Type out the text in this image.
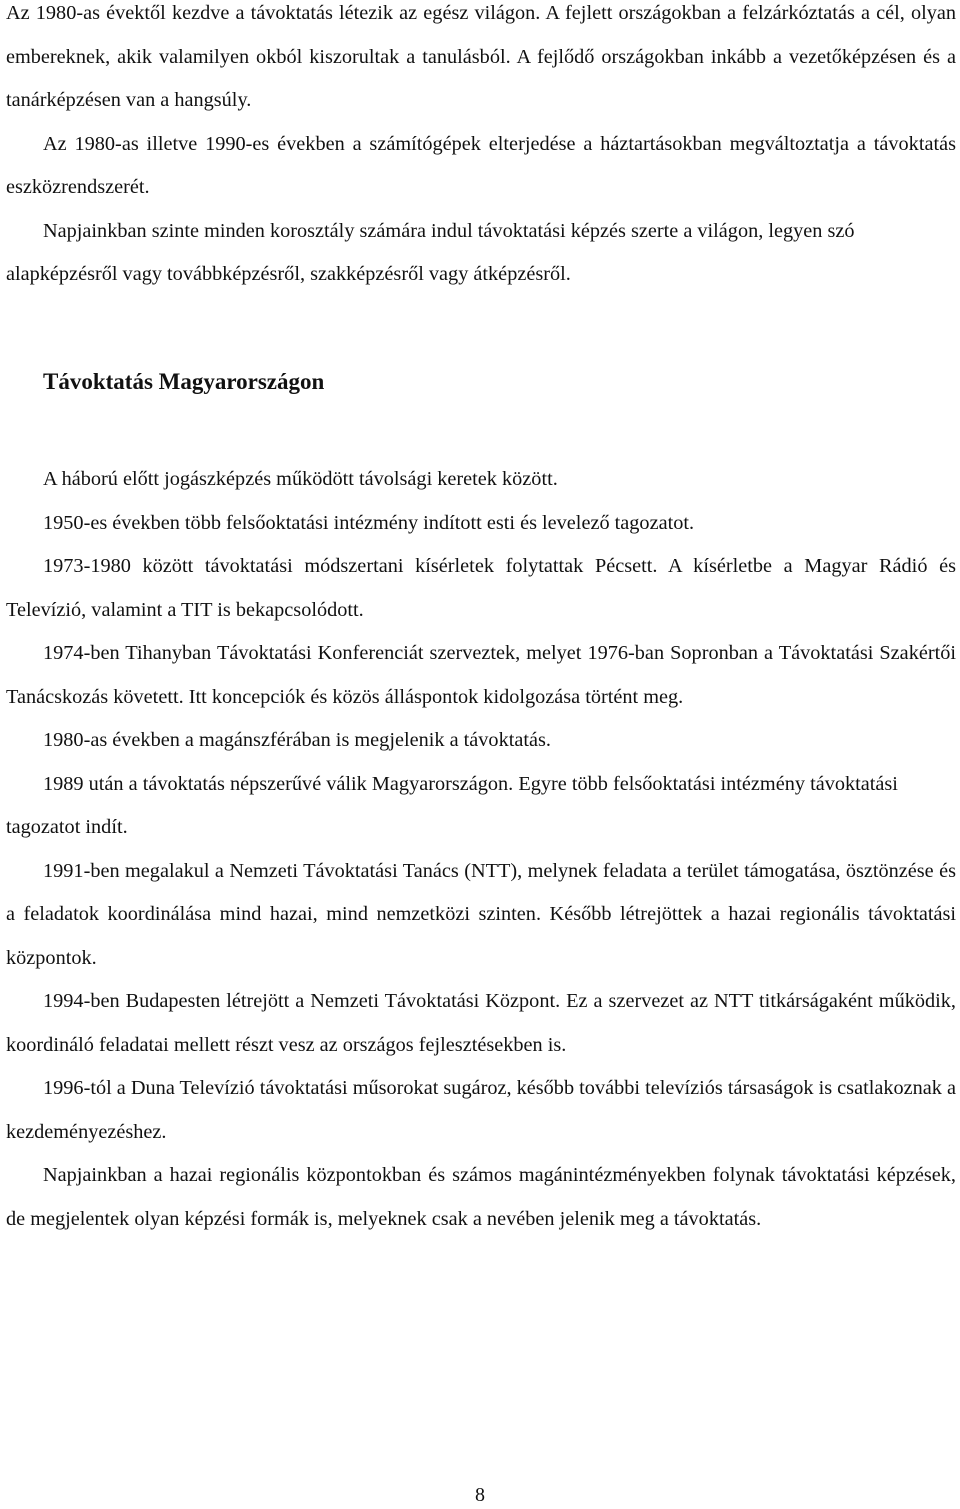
Az 1980-as évektől kezdve a távoktatás létezik az egész világon. A fejlett országokban a felzárkóztatás a cél, olyan embereknek, akik valamilyen okból kiszorultak a tanulásból. A fejlődő országokban inkább a vezetőképzésen és a tanárképzésen van a hangsúly.

Az 1980-as illetve 1990-es években a számítógépek elterjedése a háztartásokban megváltoztatja a távoktatás eszközrendszerét.

Napjainkban szinte minden korosztály számára indul távoktatási képzés szerte a világon, legyen szó alapképzésről vagy továbbképzésről, szakképzésről vagy átképzésről.

Távoktatás Magyarországon

A háború előtt jogászképzés működött távolsági keretek között.

1950-es években több felsőoktatási intézmény indított esti és levelező tagozatot.

1973-1980 között távoktatási módszertani kísérletek folytattak Pécsett. A kísérletbe a Magyar Rádió és Televízió, valamint a TIT is bekapcsolódott.

1974-ben Tihanyban Távoktatási Konferenciát szerveztek, melyet 1976-ban Sopronban a Távoktatási Szakértői Tanácskozás követett. Itt koncepciók és közös álláspontok kidolgozása történt meg.

1980-as években a magánszférában is megjelenik a távoktatás.

1989 után a távoktatás népszerűvé válik Magyarországon. Egyre több felsőoktatási intézmény távoktatási tagozatot indít.

1991-ben megalakul a Nemzeti Távoktatási Tanács (NTT), melynek feladata a terület támogatása, ösztönzése és a feladatok koordinálása mind hazai, mind nemzetközi szinten. Később létrejöttek a hazai regionális távoktatási központok.

1994-ben Budapesten létrejött a Nemzeti Távoktatási Központ. Ez a szervezet az NTT titkárságaként működik, koordináló feladatai mellett részt vesz az országos fejlesztésekben is.

1996-tól a Duna Televízió távoktatási műsorokat sugároz, később további televíziós társaságok is csatlakoznak a kezdeményezéshez.

Napjainkban a hazai regionális központokban és számos magánintézményekben folynak távoktatási képzések, de megjelentek olyan képzési formák is, melyeknek csak a nevében jelenik meg a távoktatás.

8
